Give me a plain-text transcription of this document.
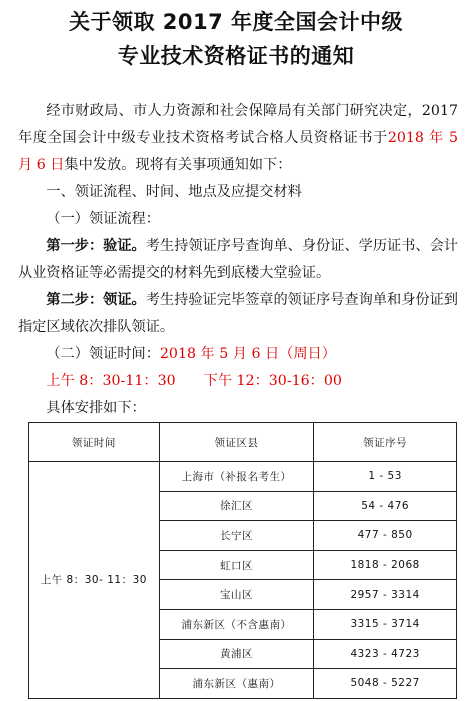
关于领取 2017 年度全国会计中级
专业技术资格证书的通知

经市财政局、市人力资源和社会保障局有关部门研究决定，2017 年度全国会计中级专业技术资格考试合格人员资格证书于2018 年 5 月 6 日集中发放。现将有关事项通知如下：

一、领证流程、时间、地点及应提交材料

（一）领证流程：

第一步：验证。考生持领证序号查询单、身份证、学历证书、会计从业资格证等必需提交的材料先到底楼大堂验证。

第二步：领证。考生持验证完毕签章的领证序号查询单和身份证到指定区域依次排队领证。

（二）领证时间：2018 年 5 月 6 日（周日）

上午 8：30-11：30 下午 12：30-16：00

具体安排如下：

领证时间	领证区县	领证序号
上午 8：30- 11：30	上海市（补报名考生）	1 - 53
	徐汇区	54 - 476
	长宁区	477 - 850
	虹口区	1818 - 2068
	宝山区	2957 - 3314
	浦东新区（不含惠南）	3315 - 3714
	黄浦区	4323 - 4723
	浦东新区（惠南）	5048 - 5227
